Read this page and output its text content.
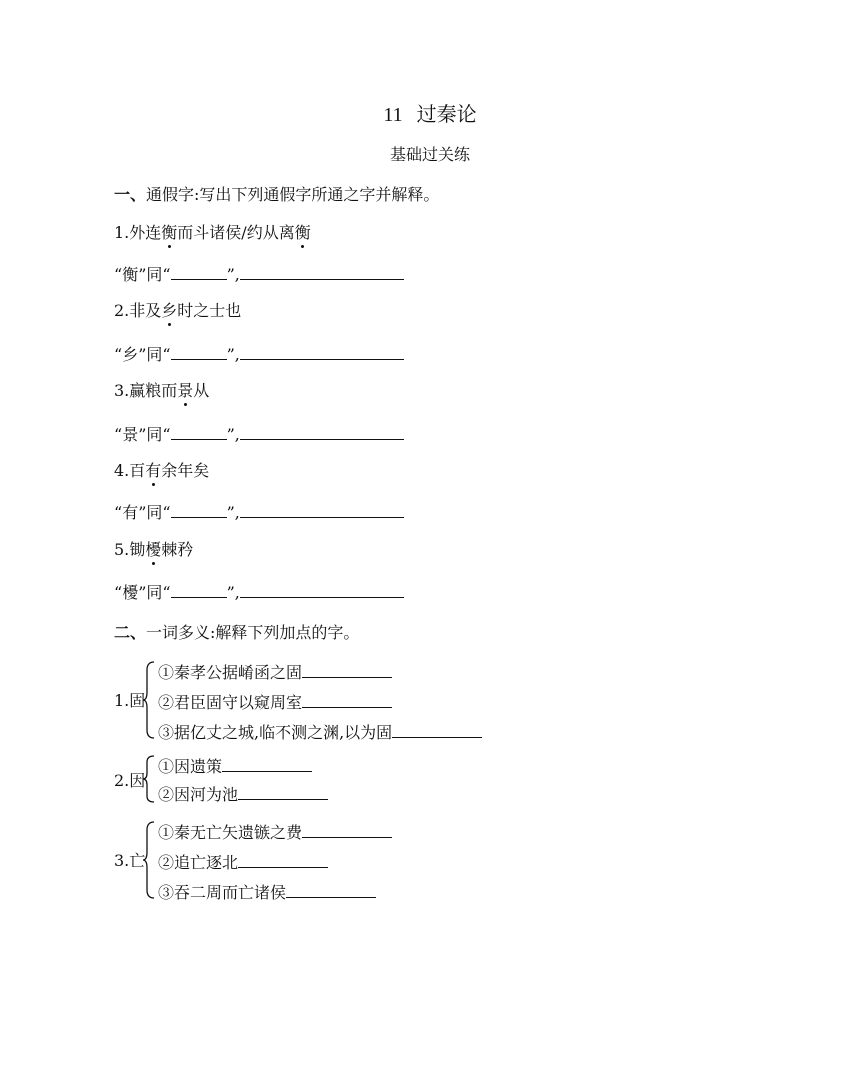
11 过秦论
基础过关练
一、通假字:写出下列通假字所通之字并解释。
1.外连衡而斗诸侯/约从离衡
“衡”同“	”,
2.非及乡时之士也
“乡”同“	”,
3.赢粮而景从
“景”同“	”,
4.百有余年矣
“有”同“	”,
5.锄櫌棘矜
“櫌”同“	”,
二、一词多义:解释下列加点的字。
1.固
①秦孝公据崤函之固
②君臣固守以窥周室
③据亿丈之城,临不测之渊,以为固
2.因
①因遗策
②因河为池
3.亡
①秦无亡矢遗镞之费
②追亡逐北
③吞二周而亡诸侯
